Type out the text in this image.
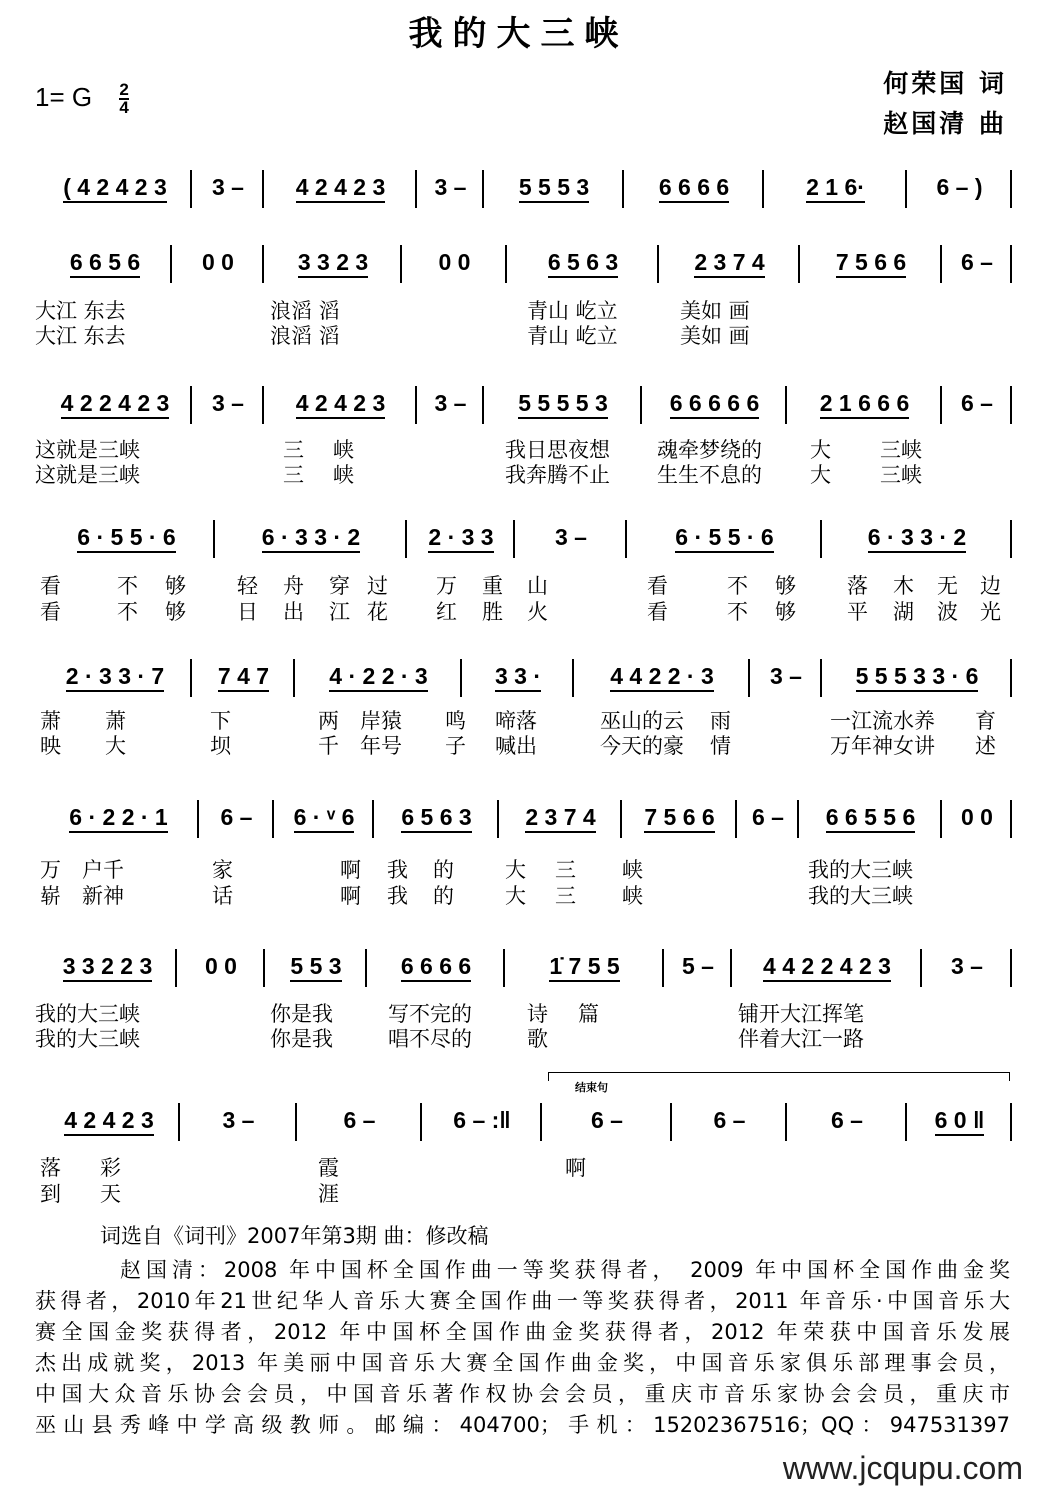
我的大三峡
1= G $\frac{2}{4}$	何荣国 词
赵国清 曲
( 4 2 4 2 3	3 –	4 2 4 2 3	3 –	5 5 5 3	6 6 6 6	2 1 6·	6 – )
6 6 5 6	0 0	3 3 2 3	0 0	6 5 6 3	2 3 7 4	7 5 6 6	6 –
大江 东去	浪滔 滔	青山 屹立	美如 画
大江 东去	浪滔 滔	青山 屹立	美如 画
4 2 2 4 2 3	3 –	4 2 4 2 3	3 –	5 5 5 5 3	6 6 6 6 6	2 1 6 6 6	6 –
这就是三峡	三 峡	我日思夜想 魂牵梦绕的 大 三峡
这就是三峡	三 峡	我奔腾不止 生生不息的 大 三峡
6 · 5 5 · 6	6 · 3 3 · 2	2 · 3 3	3 –	6 · 5 5 · 6	6 · 3 3 · 2
看	不 够 轻 舟 穿 过 万 重 山	看	不 够 落 木 无 边
看	不 够 日 出 江 花 红 胜 火	看	不 够 平 湖 波 光
2 · 3 3 · 7	7 4 7	4 · 2 2 · 3	3 3 ·	4 4 2 2 · 3	3 –	5 5 5 3 3 · 6
萧 萧	下	两 岸猿 鸣 啼落	巫山的云 雨	一江流水养 育
映 大	坝	千 年号 子 喊出	今天的豪 情	万年神女讲 述
6 · 2 2 · 1	6 –	6 · ᵛ 6	6 5 6 3	2 3 7 4	7 5 6 6	6 –	6 6 5 5 6	0 0
万 户千	家	啊 我 的 大 三 峡	我的大三峡
崭 新神	话	啊 我 的 大 三 峡	我的大三峡
3 3 2 2 3	0 0	5 5 3	6 6 6 6	1̇ 7 5 5	5 –	4 4 2 2 4 2 3	3 –
我的大三峡	你是我	写不完的	诗 篇	铺开大江挥笔
我的大三峡	你是我	唱不尽的	歌	伴着大江一路
4 2 4 2 3	3 –	6 –	6 – :‖	6 –	6 –	6 –	6 0 ‖
落 彩	霞	啊
到 天	涯
结束句
词选自《词刊》2007年第3期 曲：修改稿
赵国清：2008 年中国杯全国作曲一等奖获得者， 2009 年中国杯全国作曲金奖
获得者，2010年21世纪华人音乐大赛全国作曲一等奖获得者，2011 年音乐·中国音乐大
赛全国金奖获得者，2012 年中国杯全国作曲金奖获得者，2012 年荣获中国音乐发展
杰出成就奖，2013 年美丽中国音乐大赛全国作曲金奖，中国音乐家俱乐部理事会员，
中国大众音乐协会会员，中国音乐著作权协会会员，重庆市音乐家协会会员，重庆市
巫山县秀峰中学高级教师。邮编：404700；手机：15202367516；QQ：947531397
www.jcqupu.com
